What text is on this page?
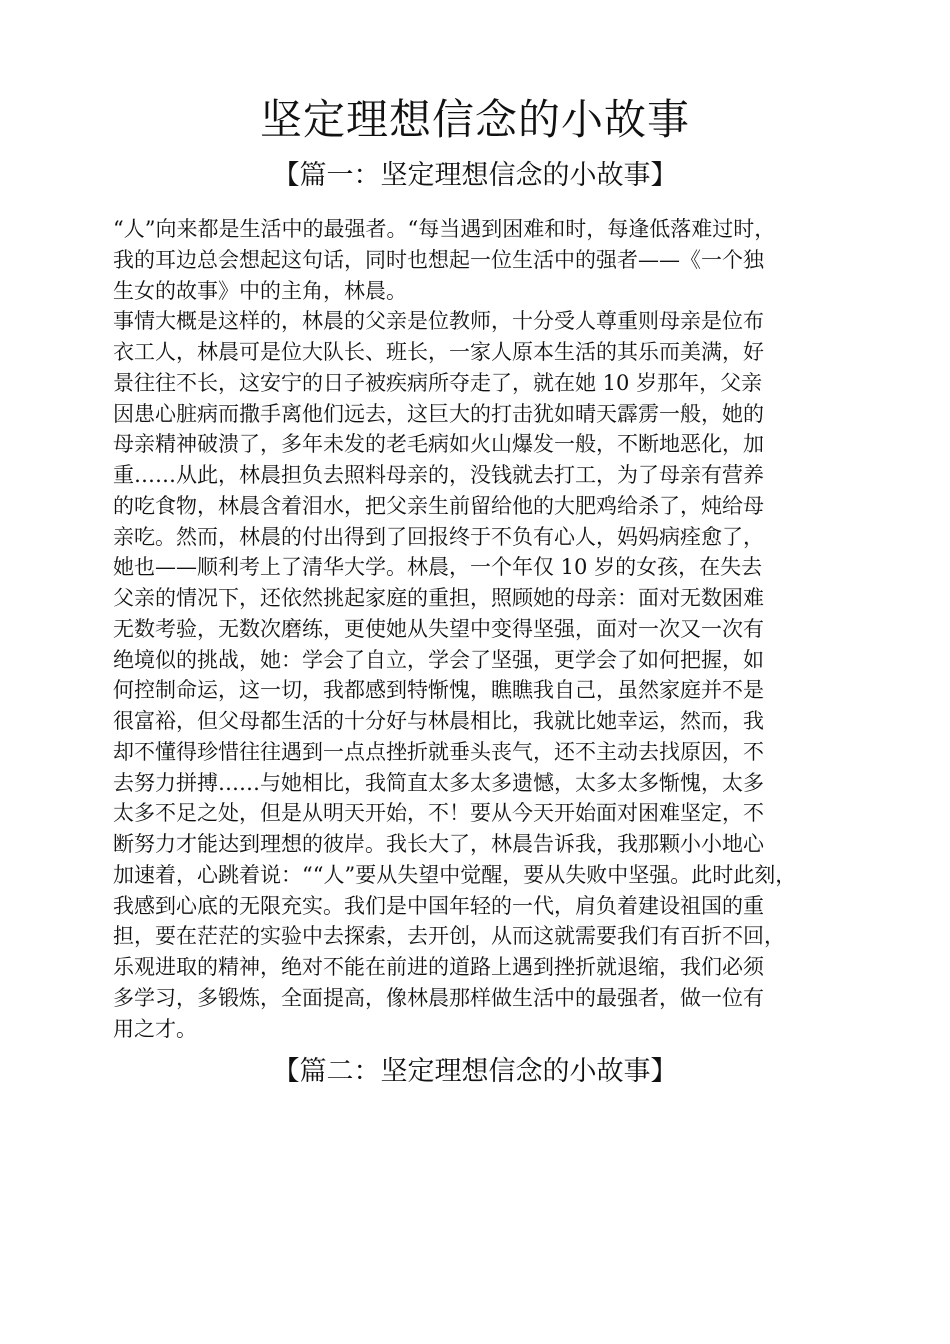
坚定理想信念的小故事
【篇一：坚定理想信念的小故事】
“人”向来都是生活中的最强者。“每当遇到困难和时，每逢低落难过时，
我的耳边总会想起这句话，同时也想起一位生活中的强者——《一个独
生女的故事》中的主角，林晨。
事情大概是这样的，林晨的父亲是位教师，十分受人尊重则母亲是位布
衣工人，林晨可是位大队长、班长，一家人原本生活的其乐而美满，好
景往往不长，这安宁的日子被疾病所夺走了，就在她 10 岁那年，父亲
因患心脏病而撒手离他们远去，这巨大的打击犹如晴天霹雳一般，她的
母亲精神破溃了，多年未发的老毛病如火山爆发一般，不断地恶化，加
重……从此，林晨担负去照料母亲的，没钱就去打工，为了母亲有营养
的吃食物，林晨含着泪水，把父亲生前留给他的大肥鸡给杀了，炖给母
亲吃。然而，林晨的付出得到了回报终于不负有心人，妈妈病痊愈了，
她也——顺利考上了清华大学。林晨，一个年仅 10 岁的女孩，在失去
父亲的情况下，还依然挑起家庭的重担，照顾她的母亲：面对无数困难
无数考验，无数次磨练，更使她从失望中变得坚强，面对一次又一次有
绝境似的挑战，她：学会了自立，学会了坚强，更学会了如何把握，如
何控制命运，这一切，我都感到特惭愧，瞧瞧我自己，虽然家庭并不是
很富裕，但父母都生活的十分好与林晨相比，我就比她幸运，然而，我
却不懂得珍惜往往遇到一点点挫折就垂头丧气，还不主动去找原因，不
去努力拼搏……与她相比，我简直太多太多遗憾，太多太多惭愧，太多
太多不足之处，但是从明天开始，不！要从今天开始面对困难坚定，不
断努力才能达到理想的彼岸。我长大了，林晨告诉我，我那颗小小地心
加速着，心跳着说：““人”要从失望中觉醒，要从失败中坚强。此时此刻，
我感到心底的无限充实。我们是中国年轻的一代，肩负着建设祖国的重
担，要在茫茫的实验中去探索，去开创，从而这就需要我们有百折不回，
乐观进取的精神，绝对不能在前进的道路上遇到挫折就退缩，我们必须
多学习，多锻炼，全面提高，像林晨那样做生活中的最强者，做一位有
用之才。
【篇二：坚定理想信念的小故事】
